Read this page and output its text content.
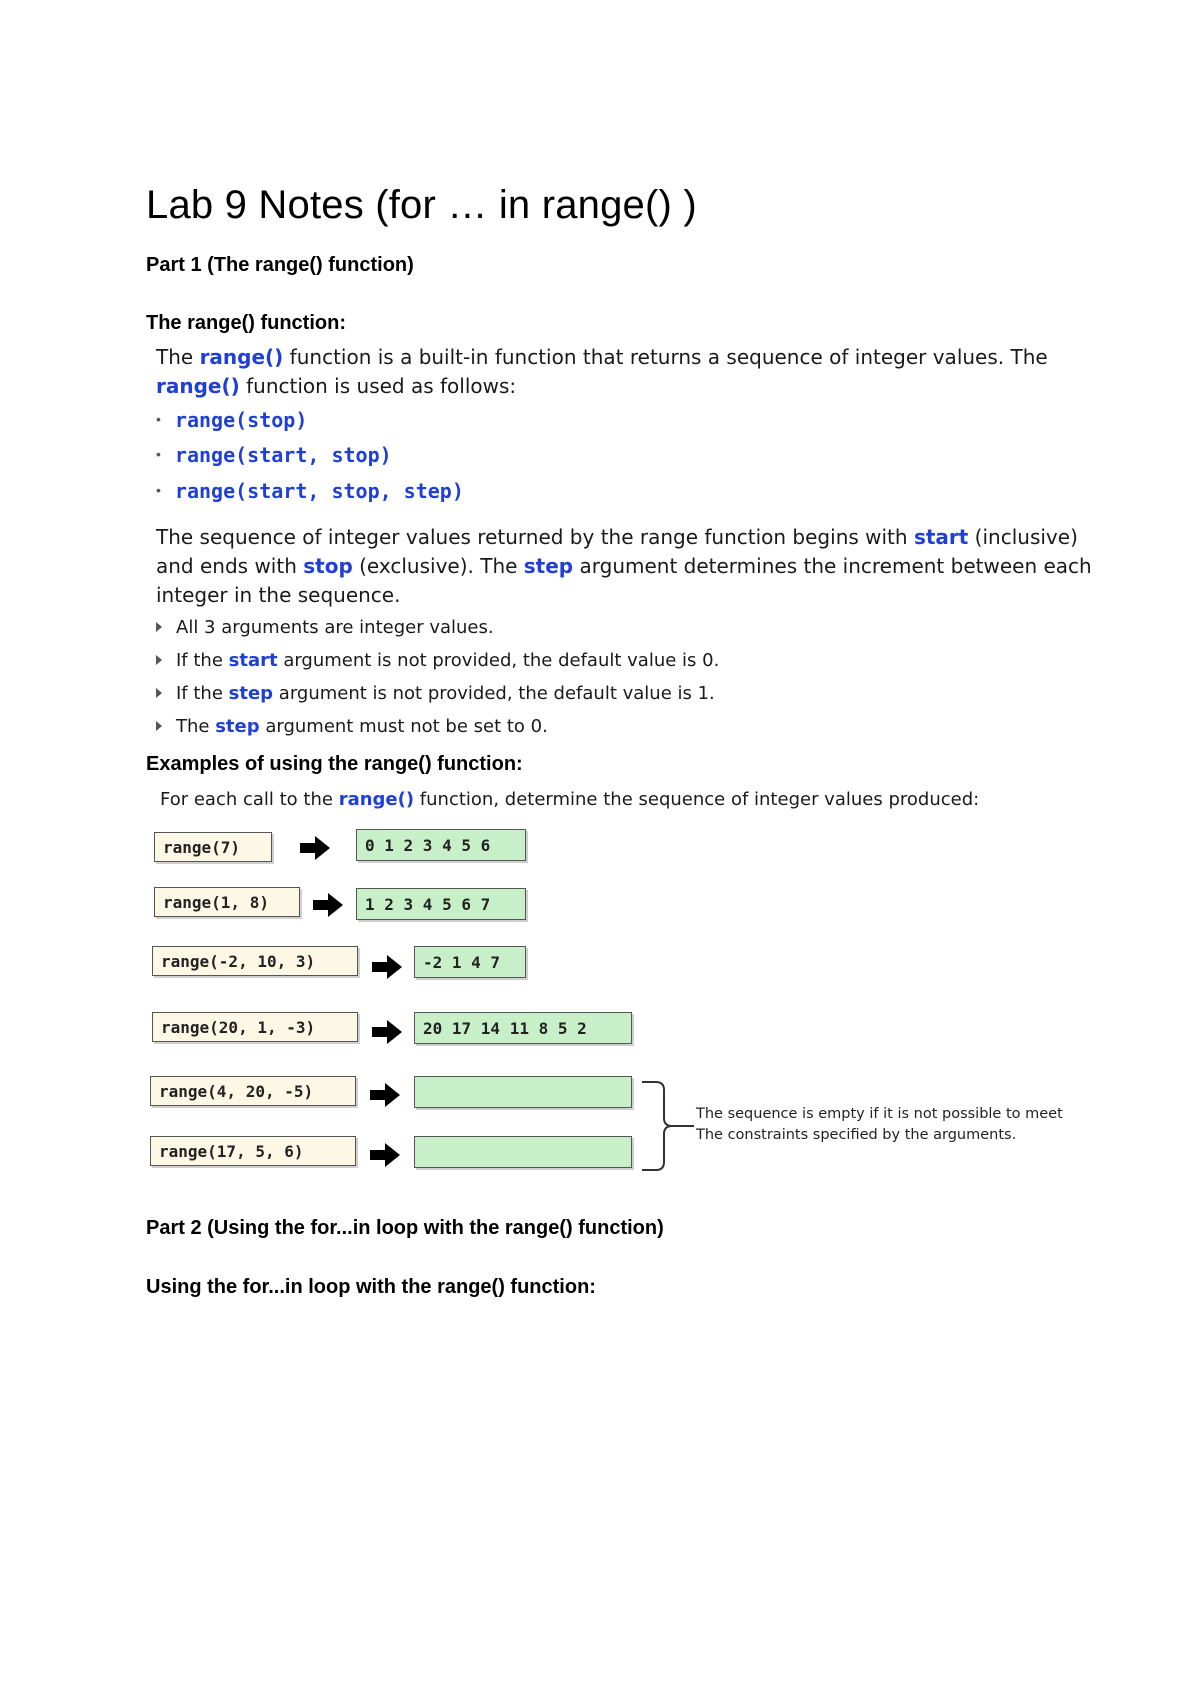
Lab 9 Notes (for … in range() )
Part 1 (The range() function)
The range() function:
The range() function is a built-in function that returns a sequence of integer values. The
range() function is used as follows:
• range(stop)
• range(start, stop)
• range(start, stop, step)
The sequence of integer values returned by the range function begins with start (inclusive)
and ends with stop (exclusive). The step argument determines the increment between each
integer in the sequence.
All 3 arguments are integer values.
If the start argument is not provided, the default value is 0.
If the step argument is not provided, the default value is 1.
The step argument must not be set to 0.
Examples of using the range() function:
For each call to the range() function, determine the sequence of integer values produced:
range(7)	0 1 2 3 4 5 6
range(1, 8)	1 2 3 4 5 6 7
range(-2, 10, 3)	-2 1 4 7
range(20, 1, -3)	20 17 14 11 8 5 2
range(4, 20, -5)
range(17, 5, 6)
The sequence is empty if it is not possible to meet
The constraints specified by the arguments.
Part 2 (Using the for...in loop with the range() function)
Using the for...in loop with the range() function:
